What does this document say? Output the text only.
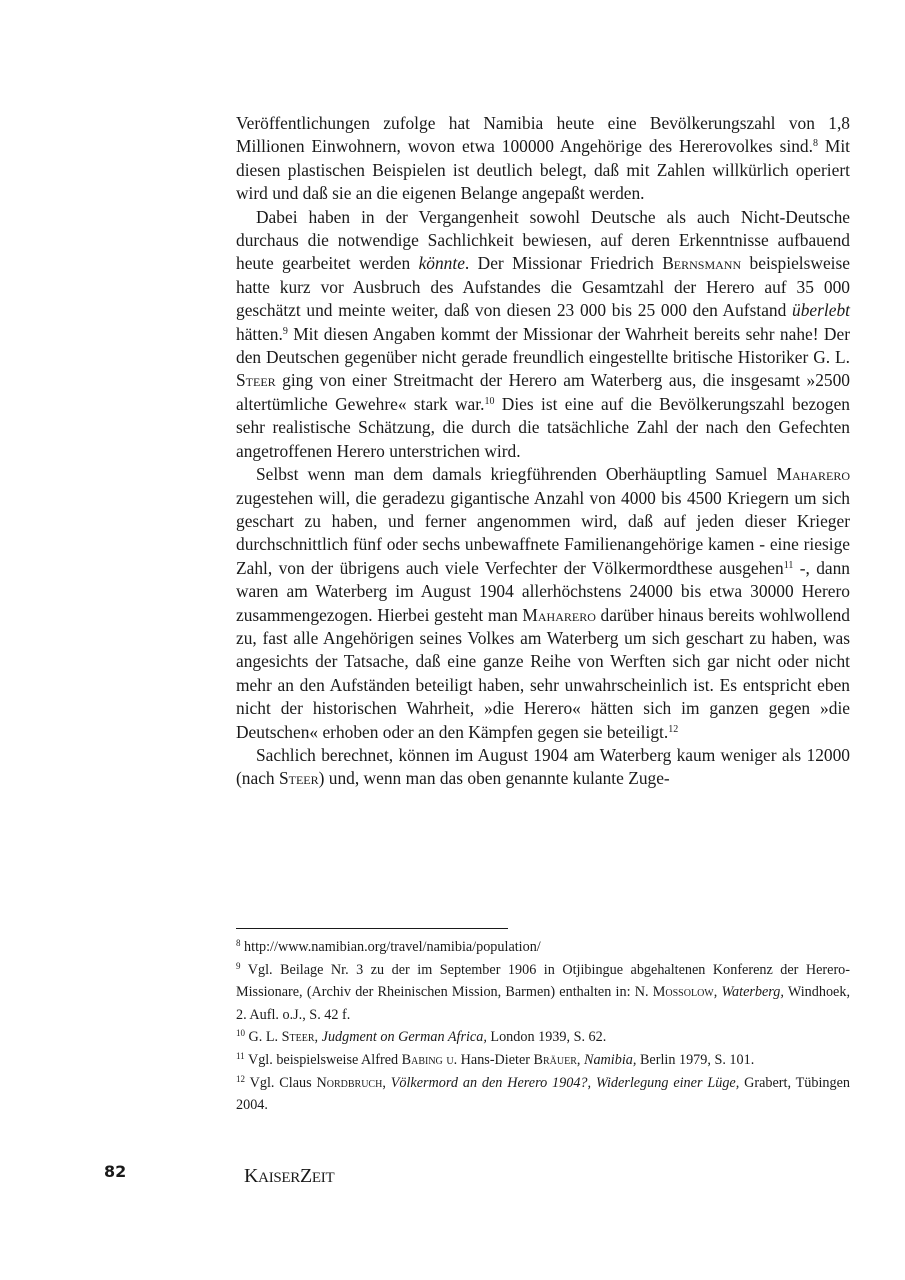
Veröffentlichungen zufolge hat Namibia heute eine Bevölkerungszahl von 1,8 Millionen Einwohnern, wovon etwa 100000 Angehörige des Hererovolkes sind.$^8$ Mit diesen plastischen Beispielen ist deutlich belegt, daß mit Zahlen willkürlich operiert wird und daß sie an die eigenen Belange angepaßt werden.

Dabei haben in der Vergangenheit sowohl Deutsche als auch Nicht-Deutsche durchaus die notwendige Sachlichkeit bewiesen, auf deren Erkenntnisse aufbauend heute gearbeitet werden könnte. Der Missionar Friedrich Bernsmann beispielsweise hatte kurz vor Ausbruch des Aufstandes die Gesamtzahl der Herero auf 35 000 geschätzt und meinte weiter, daß von diesen 23 000 bis 25 000 den Aufstand überlebt hätten.$^9$ Mit diesen Angaben kommt der Missionar der Wahrheit bereits sehr nahe! Der den Deutschen gegenüber nicht gerade freundlich eingestellte britische Historiker G. L. Steer ging von einer Streitmacht der Herero am Waterberg aus, die insgesamt »2500 altertümliche Gewehre« stark war.$^{10}$ Dies ist eine auf die Bevölkerungszahl bezogen sehr realistische Schätzung, die durch die tatsächliche Zahl der nach den Gefechten angetroffenen Herero unterstrichen wird.

Selbst wenn man dem damals kriegführenden Oberhäuptling Samuel Maharero zugestehen will, die geradezu gigantische Anzahl von 4000 bis 4500 Kriegern um sich geschart zu haben, und ferner angenommen wird, daß auf jeden dieser Krieger durchschnittlich fünf oder sechs unbewaffnete Familienangehörige kamen - eine riesige Zahl, von der übrigens auch viele Verfechter der Völkermordthese ausgehen$^{11}$ -, dann waren am Waterberg im August 1904 allerhöchstens 24000 bis etwa 30000 Herero zusammengezogen. Hierbei gesteht man Maharero darüber hinaus bereits wohlwollend zu, fast alle Angehörigen seines Volkes am Waterberg um sich geschart zu haben, was angesichts der Tatsache, daß eine ganze Reihe von Werften sich gar nicht oder nicht mehr an den Aufständen beteiligt haben, sehr unwahrscheinlich ist. Es entspricht eben nicht der historischen Wahrheit, »die Herero« hätten sich im ganzen gegen »die Deutschen« erhoben oder an den Kämpfen gegen sie beteiligt.$^{12}$

Sachlich berechnet, können im August 1904 am Waterberg kaum weniger als 12000 (nach Steer) und, wenn man das oben genannte kulante Zuge-

$^8$ http://www.namibian.org/travel/namibia/population/

$^9$ Vgl. Beilage Nr. 3 zu der im September 1906 in Otjibingue abgehaltenen Konferenz der Herero-Missionare, (Archiv der Rheinischen Mission, Barmen) enthalten in: N. Mossolow, Waterberg, Windhoek, 2. Aufl. o.J., S. 42 f.

$^{10}$ G. L. Steer, Judgment on German Africa, London 1939, S. 62.

$^{11}$ Vgl. beispielsweise Alfred Babing u. Hans-Dieter Bräuer, Namibia, Berlin 1979, S. 101.

$^{12}$ Vgl. Claus Nordbruch, Völkermord an den Herero 1904?, Widerlegung einer Lüge, Grabert, Tübingen 2004.

82	KAISERZEIT
